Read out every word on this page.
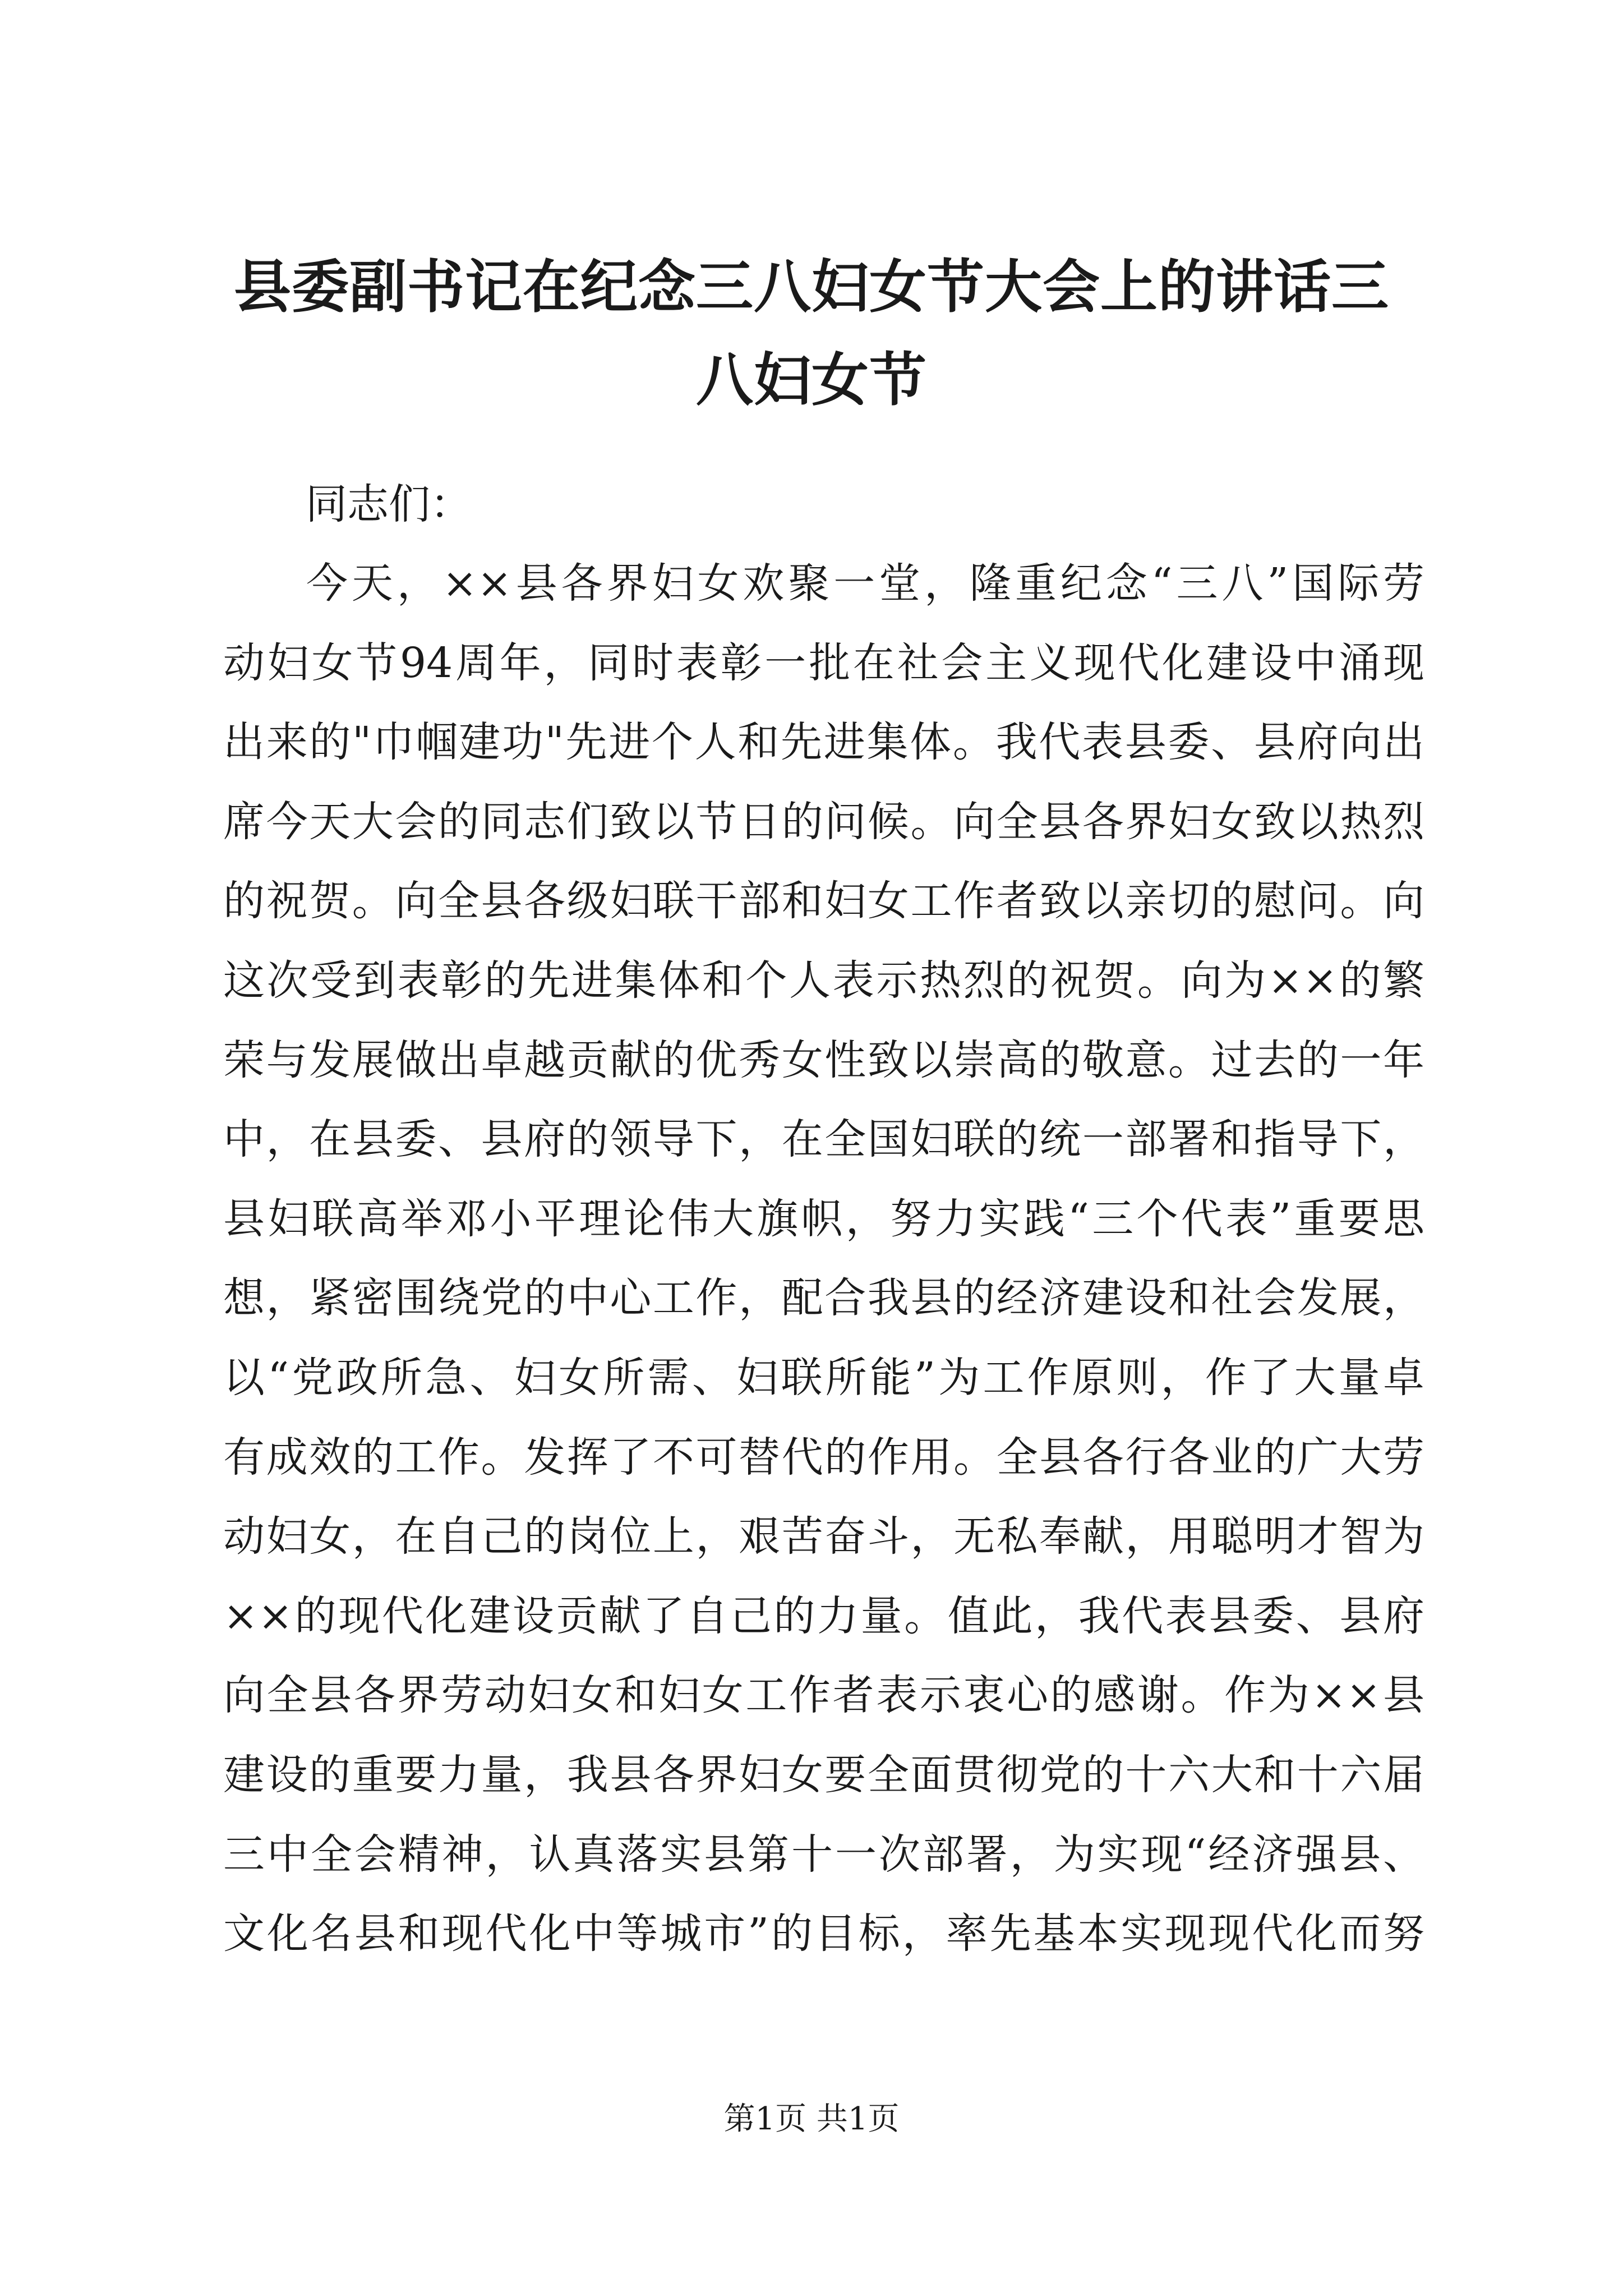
县委副书记在纪念三八妇女节大会上的讲话三
八妇女节

同志们：

今天，××县各界妇女欢聚一堂，隆重纪念“三八”国际劳
动妇女节94周年，同时表彰一批在社会主义现代化建设中涌现
出来的"巾帼建功"先进个人和先进集体。我代表县委、县府向出
席今天大会的同志们致以节日的问候。向全县各界妇女致以热烈
的祝贺。向全县各级妇联干部和妇女工作者致以亲切的慰问。向
这次受到表彰的先进集体和个人表示热烈的祝贺。向为××的繁
荣与发展做出卓越贡献的优秀女性致以崇高的敬意。过去的一年
中，在县委、县府的领导下，在全国妇联的统一部署和指导下，
县妇联高举邓小平理论伟大旗帜，努力实践“三个代表”重要思
想，紧密围绕党的中心工作，配合我县的经济建设和社会发展，
以“党政所急、妇女所需、妇联所能”为工作原则，作了大量卓
有成效的工作。发挥了不可替代的作用。全县各行各业的广大劳
动妇女，在自己的岗位上，艰苦奋斗，无私奉献，用聪明才智为
××的现代化建设贡献了自己的力量。值此，我代表县委、县府
向全县各界劳动妇女和妇女工作者表示衷心的感谢。作为××县
建设的重要力量，我县各界妇女要全面贯彻党的十六大和十六届
三中全会精神，认真落实县第十一次部署，为实现“经济强县、
文化名县和现代化中等城市”的目标，率先基本实现现代化而努

第1页 共1页
